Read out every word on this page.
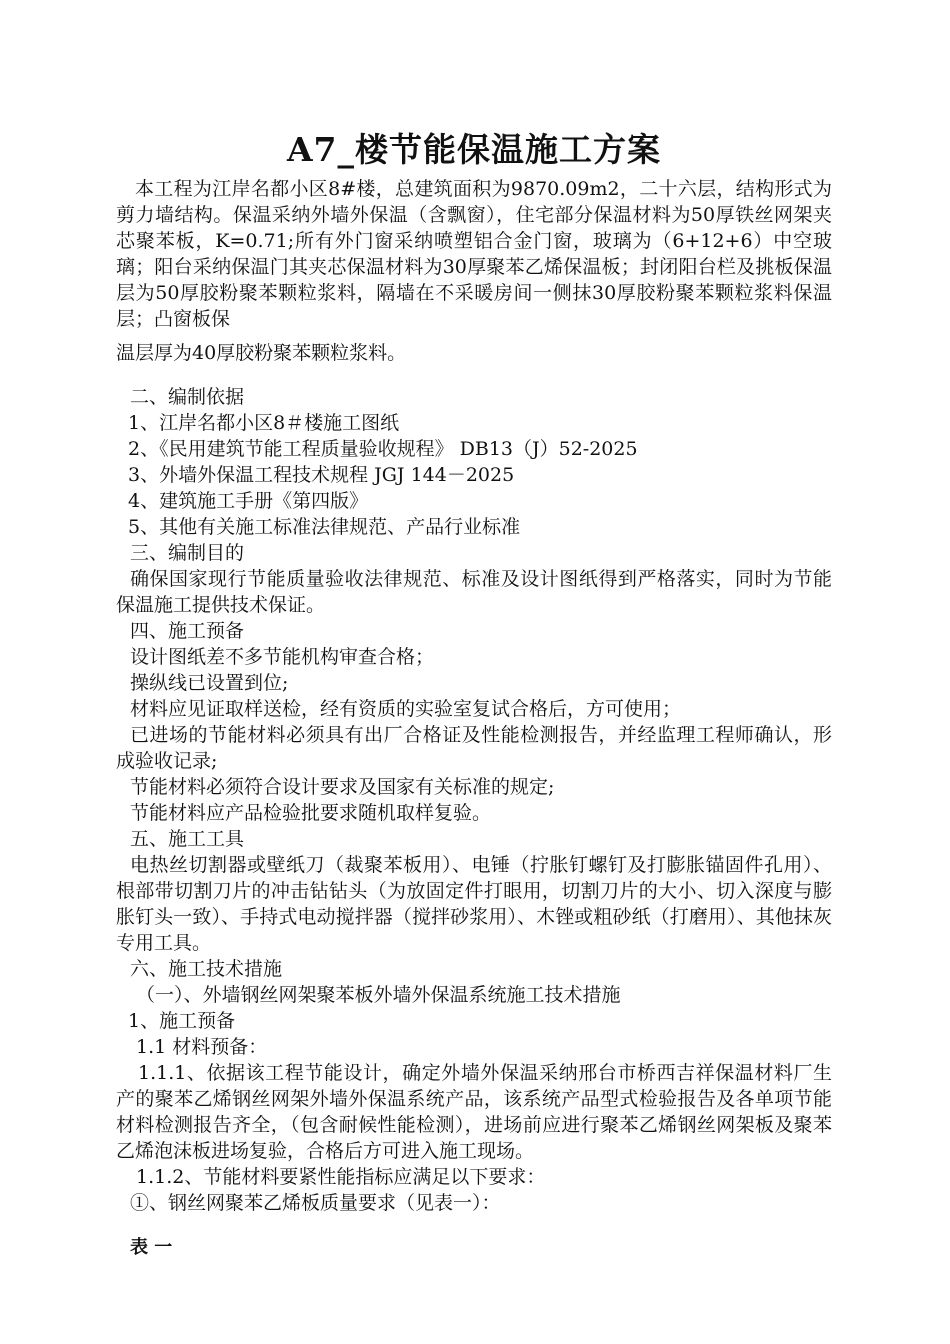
A7_楼节能保温施工方案

本工程为江岸名都小区8#楼，总建筑面积为9870.09m2，二十六层，结构形式为剪力墙结构。保温采纳外墙外保温（含飘窗），住宅部分保温材料为50厚铁丝网架夹芯聚苯板，K=0.71;所有外门窗采纳喷塑铝合金门窗，玻璃为（6+12+6）中空玻璃；阳台采纳保温门其夹芯保温材料为30厚聚苯乙烯保温板；封闭阳台栏及挑板保温层为50厚胶粉聚苯颗粒浆料，隔墙在不采暖房间一侧抹30厚胶粉聚苯颗粒浆料保温层；凸窗板保

温层厚为40厚胶粉聚苯颗粒浆料。

二、编制依据

1、江岸名都小区8＃楼施工图纸

2、《民用建筑节能工程质量验收规程》 DB13（J）52-2025

3、外墙外保温工程技术规程 JGJ 144－2025

4、建筑施工手册《第四版》

5、其他有关施工标准法律规范、产品行业标准

三、编制目的

确保国家现行节能质量验收法律规范、标准及设计图纸得到严格落实，同时为节能保温施工提供技术保证。

四、施工预备

设计图纸差不多节能机构审查合格；

操纵线已设置到位;

材料应见证取样送检，经有资质的实验室复试合格后，方可使用；

已进场的节能材料必须具有出厂合格证及性能检测报告，并经监理工程师确认，形成验收记录;

节能材料必须符合设计要求及国家有关标准的规定;

节能材料应产品检验批要求随机取样复验。

五、施工工具

电热丝切割器或壁纸刀（裁聚苯板用）、电锤（拧胀钉螺钉及打膨胀锚固件孔用）、根部带切割刀片的冲击钻钻头（为放固定件打眼用，切割刀片的大小、切入深度与膨胀钉头一致）、手持式电动搅拌器（搅拌砂浆用）、木锉或粗砂纸（打磨用）、其他抹灰专用工具。

六、施工技术措施

（一）、外墙钢丝网架聚苯板外墙外保温系统施工技术措施

1、施工预备

1.1 材料预备：

1.1.1、依据该工程节能设计，确定外墙外保温采纳邢台市桥西吉祥保温材料厂生产的聚苯乙烯钢丝网架外墙外保温系统产品，该系统产品型式检验报告及各单项节能材料检测报告齐全，（包含耐候性能检测），进场前应进行聚苯乙烯钢丝网架板及聚苯乙烯泡沫板进场复验，合格后方可进入施工现场。

1.1.2、节能材料要紧性能指标应满足以下要求：

①、钢丝网聚苯乙烯板质量要求（见表一）：

表 一
